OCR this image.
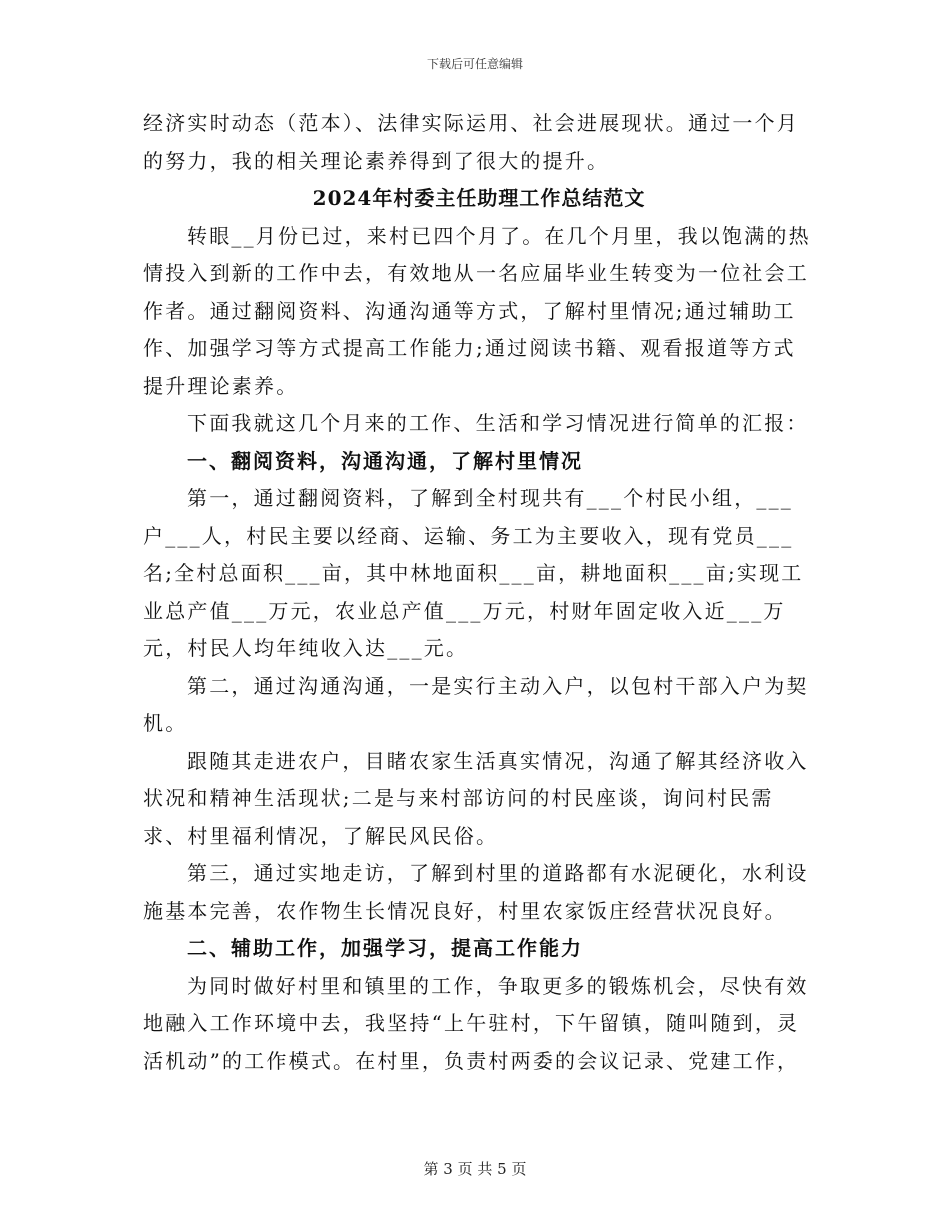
下载后可任意编辑

经济实时动态（范本）、法律实际运用、社会进展现状。通过一个月的努力，我的相关理论素养得到了很大的提升。

2024年村委主任助理工作总结范文

转眼__月份已过，来村已四个月了。在几个月里，我以饱满的热情投入到新的工作中去，有效地从一名应届毕业生转变为一位社会工作者。通过翻阅资料、沟通沟通等方式，了解村里情况;通过辅助工作、加强学习等方式提高工作能力;通过阅读书籍、观看报道等方式提升理论素养。

下面我就这几个月来的工作、生活和学习情况进行简单的汇报：

一、翻阅资料，沟通沟通，了解村里情况

第一，通过翻阅资料，了解到全村现共有___个村民小组，___户___人，村民主要以经商、运输、务工为主要收入，现有党员___名;全村总面积___亩，其中林地面积___亩，耕地面积___亩;实现工业总产值___万元，农业总产值___万元，村财年固定收入近___万元，村民人均年纯收入达___元。

第二，通过沟通沟通，一是实行主动入户，以包村干部入户为契机。

跟随其走进农户，目睹农家生活真实情况，沟通了解其经济收入状况和精神生活现状;二是与来村部访问的村民座谈，询问村民需求、村里福利情况，了解民风民俗。

第三，通过实地走访，了解到村里的道路都有水泥硬化，水利设施基本完善，农作物生长情况良好，村里农家饭庄经营状况良好。

二、辅助工作，加强学习，提高工作能力

为同时做好村里和镇里的工作，争取更多的锻炼机会，尽快有效地融入工作环境中去，我坚持“上午驻村，下午留镇，随叫随到，灵活机动”的工作模式。在村里，负责村两委的会议记录、党建工作，

第 3 页 共 5 页
